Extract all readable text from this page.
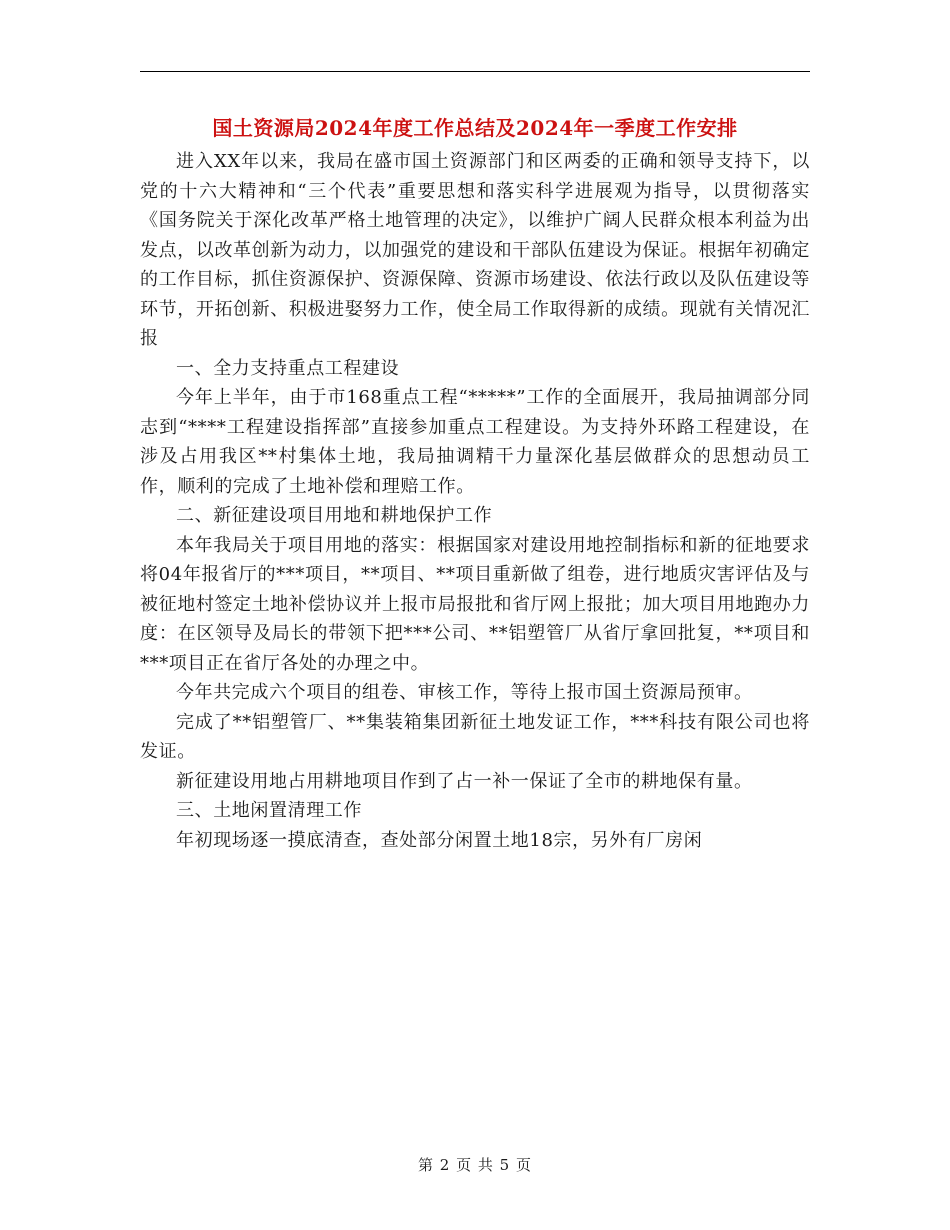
国土资源局2024年度工作总结及2024年一季度工作安排

进入XX年以来，我局在盛市国土资源部门和区两委的正确和领导支持下，以党的十六大精神和“三个代表”重要思想和落实科学进展观为指导，以贯彻落实《国务院关于深化改革严格土地管理的决定》，以维护广阔人民群众根本利益为出发点，以改革创新为动力，以加强党的建设和干部队伍建设为保证。根据年初确定的工作目标，抓住资源保护、资源保障、资源市场建设、依法行政以及队伍建设等环节，开拓创新、积极进娶努力工作，使全局工作取得新的成绩。现就有关情况汇报

一、全力支持重点工程建设

今年上半年，由于市168重点工程“*****”工作的全面展开，我局抽调部分同志到“****工程建设指挥部”直接参加重点工程建设。为支持外环路工程建设，在涉及占用我区**村集体土地，我局抽调精干力量深化基层做群众的思想动员工作，顺利的完成了土地补偿和理赔工作。

二、新征建设项目用地和耕地保护工作

本年我局关于项目用地的落实：根据国家对建设用地控制指标和新的征地要求将04年报省厅的***项目，**项目、**项目重新做了组卷，进行地质灾害评估及与被征地村签定土地补偿协议并上报市局报批和省厅网上报批；加大项目用地跑办力度：在区领导及局长的带领下把***公司、**铝塑管厂从省厅拿回批复，**项目和***项目正在省厅各处的办理之中。

今年共完成六个项目的组卷、审核工作，等待上报市国土资源局预审。

完成了**铝塑管厂、**集装箱集团新征土地发证工作，***科技有限公司也将发证。

新征建设用地占用耕地项目作到了占一补一保证了全市的耕地保有量。

三、土地闲置清理工作

年初现场逐一摸底清查，查处部分闲置土地18宗，另外有厂房闲

第 2 页 共 5 页
